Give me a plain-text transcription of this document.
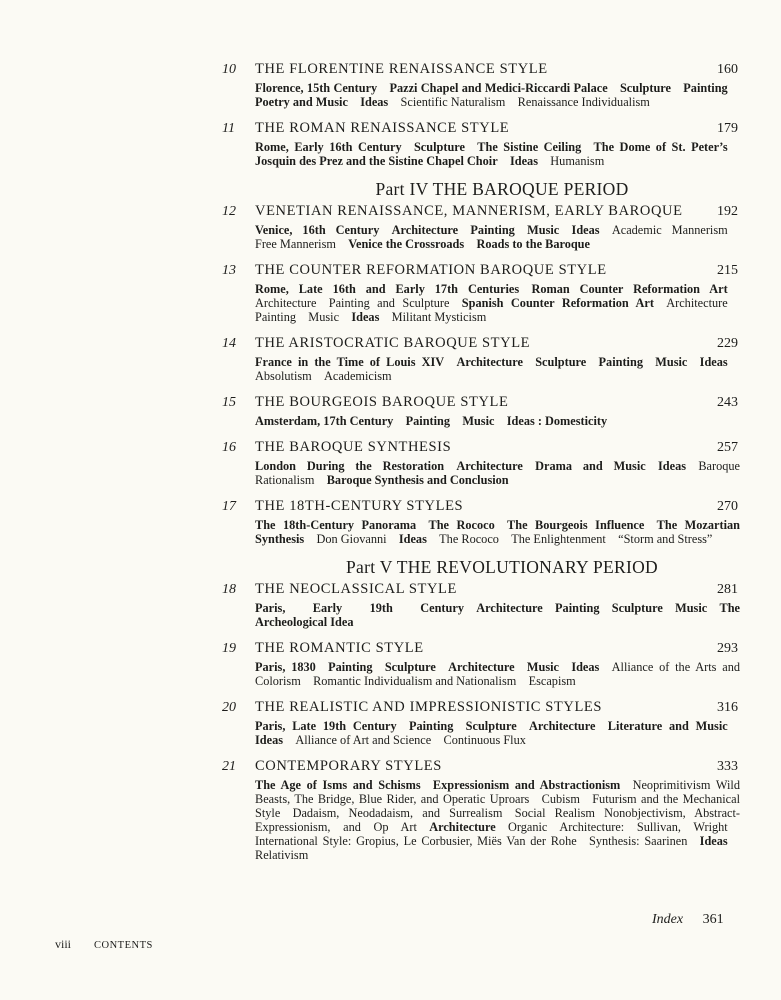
10 THE FLORENTINE RENAISSANCE STYLE	160
Florence, 15th Century  Pazzi Chapel and Medici-Riccardi Palace  Sculpture  Painting Poetry and Music  Ideas  Scientific Naturalism  Renaissance Individualism
11 THE ROMAN RENAISSANCE STYLE	179
Rome, Early 16th Century  Sculpture  The Sistine Ceiling  The Dome of St. Peter’s Josquin des Prez and the Sistine Chapel Choir  Ideas  Humanism
Part IV THE BAROQUE PERIOD
12 VENETIAN RENAISSANCE, MANNERISM, EARLY BAROQUE 192
Venice, 16th Century  Architecture  Painting  Music  Ideas  Academic Mannerism Free Mannerism  Venice the Crossroads  Roads to the Baroque
13 THE COUNTER REFORMATION BAROQUE STYLE	215
Rome, Late 16th and Early 17th Centuries  Roman Counter Reformation Art Architecture  Painting and Sculpture  Spanish Counter Reformation Art  Architecture Painting  Music  Ideas  Militant Mysticism
14 THE ARISTOCRATIC BAROQUE STYLE	229
France in the Time of Louis XIV  Architecture  Sculpture  Painting  Music  Ideas Absolutism  Academicism
15 THE BOURGEOIS BAROQUE STYLE	243
Amsterdam, 17th Century  Painting  Music  Ideas : Domesticity
16 THE BAROQUE SYNTHESIS	257
London During the Restoration  Architecture  Drama and Music  Ideas  Baroque Rationalism  Baroque Synthesis and Conclusion
17 THE 18TH-CENTURY STYLES	270
The 18th-Century Panorama  The Rococo  The Bourgeois Influence  The Mozartian Synthesis  Don Giovanni  Ideas  The Rococo  The Enlightenment  “Storm and Stress”
Part V THE REVOLUTIONARY PERIOD
18 THE NEOCLASSICAL STYLE	281
Paris, Early 19th Century  Architecture  Painting  Sculpture  Music  The Archeological Idea
19 THE ROMANTIC STYLE	293
Paris, 1830  Painting  Sculpture  Architecture  Music  Ideas  Alliance of the Arts and Colorism  Romantic Individualism and Nationalism  Escapism
20 THE REALISTIC AND IMPRESSIONISTIC STYLES	316
Paris, Late 19th Century  Painting  Sculpture  Architecture  Literature and Music Ideas  Alliance of Art and Science  Continuous Flux
21 CONTEMPORARY STYLES	333
The Age of Isms and Schisms  Expressionism and Abstractionism  Neoprimitivism Wild Beasts, The Bridge, Blue Rider, and Operatic Uproars  Cubism  Futurism and the Mechanical Style  Dadaism, Neodadaism, and Surrealism  Social Realism Nonobjectivism, Abstract-Expressionism, and Op Art  Architecture  Organic Architecture: Sullivan, Wright International Style: Gropius, Le Corbusier, Miës Van der Rohe  Synthesis: Saarinen  Ideas Relativism
Index 361
viii CONTENTS
